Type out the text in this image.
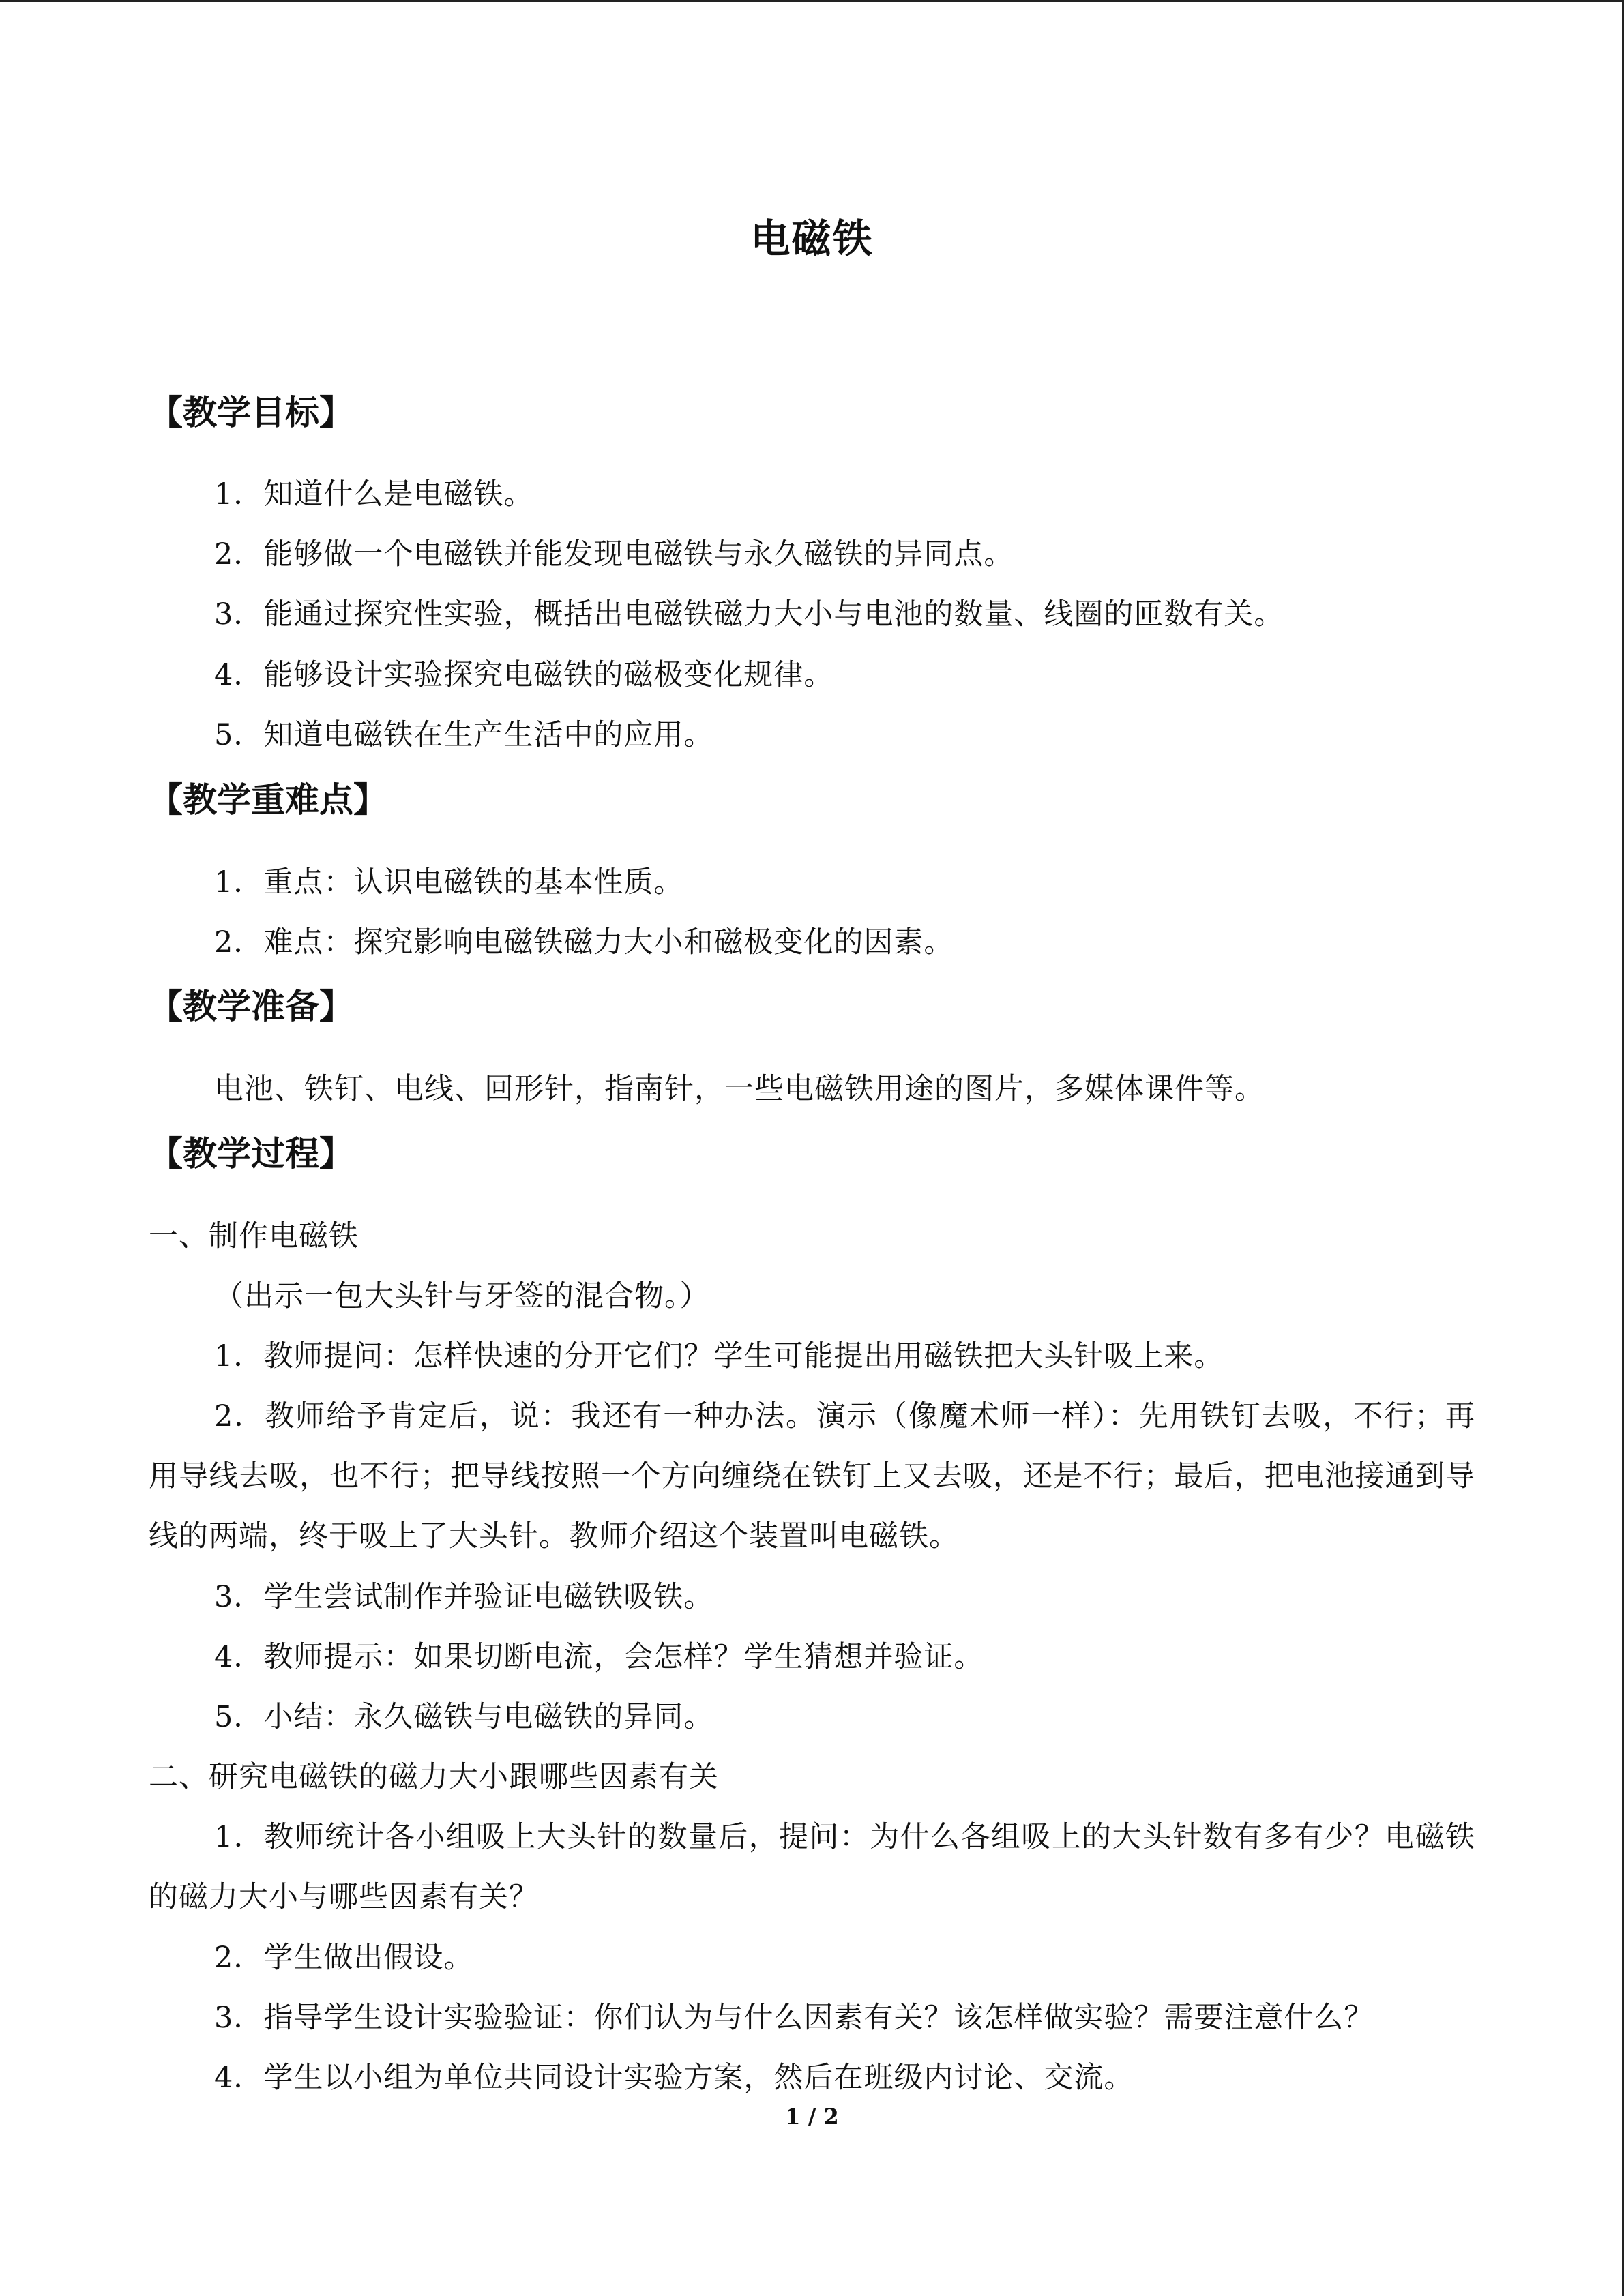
电磁铁
【教学目标】
1．知道什么是电磁铁。
2．能够做一个电磁铁并能发现电磁铁与永久磁铁的异同点。
3．能通过探究性实验，概括出电磁铁磁力大小与电池的数量、线圈的匝数有关。
4．能够设计实验探究电磁铁的磁极变化规律。
5．知道电磁铁在生产生活中的应用。
【教学重难点】
1．重点：认识电磁铁的基本性质。
2．难点：探究影响电磁铁磁力大小和磁极变化的因素。
【教学准备】
电池、铁钉、电线、回形针，指南针，一些电磁铁用途的图片，多媒体课件等。
【教学过程】
一、制作电磁铁
（出示一包大头针与牙签的混合物。）
1．教师提问：怎样快速的分开它们？学生可能提出用磁铁把大头针吸上来。
2．教师给予肯定后，说：我还有一种办法。演示（像魔术师一样）：先用铁钉去吸，不行；再用导线去吸，也不行；把导线按照一个方向缠绕在铁钉上又去吸，还是不行；最后，把电池接通到导线的两端，终于吸上了大头针。教师介绍这个装置叫电磁铁。
3．学生尝试制作并验证电磁铁吸铁。
4．教师提示：如果切断电流，会怎样？学生猜想并验证。
5．小结：永久磁铁与电磁铁的异同。
二、研究电磁铁的磁力大小跟哪些因素有关
1．教师统计各小组吸上大头针的数量后，提问：为什么各组吸上的大头针数有多有少？电磁铁的磁力大小与哪些因素有关？
2．学生做出假设。
3．指导学生设计实验验证：你们认为与什么因素有关？该怎样做实验？需要注意什么？
4．学生以小组为单位共同设计实验方案，然后在班级内讨论、交流。
1 / 2
